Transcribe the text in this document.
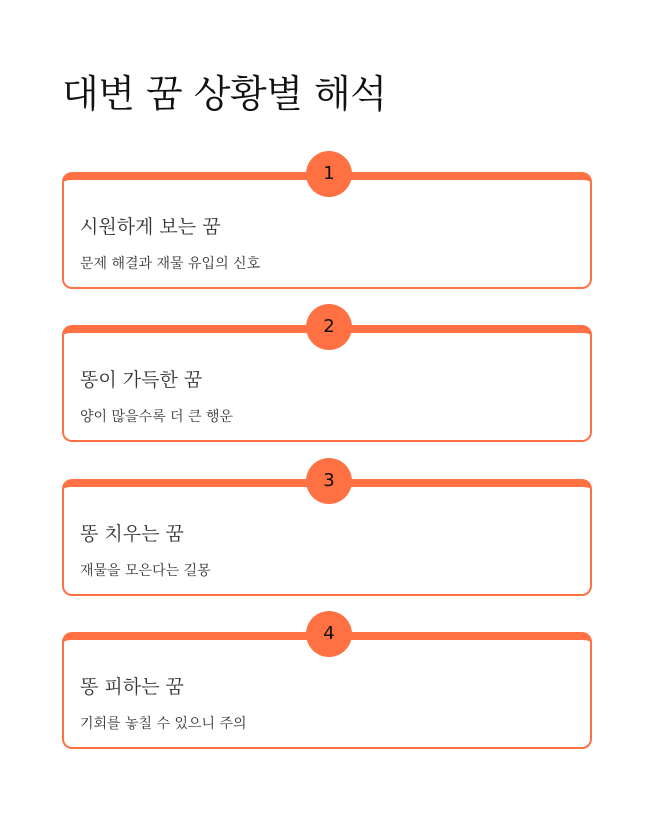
대변 꿈 상황별 해석
1
시원하게 보는 꿈
문제 해결과 재물 유입의 신호
2
똥이 가득한 꿈
양이 많을수록 더 큰 행운
3
똥 치우는 꿈
재물을 모은다는 길몽
4
똥 피하는 꿈
기회를 놓칠 수 있으니 주의
